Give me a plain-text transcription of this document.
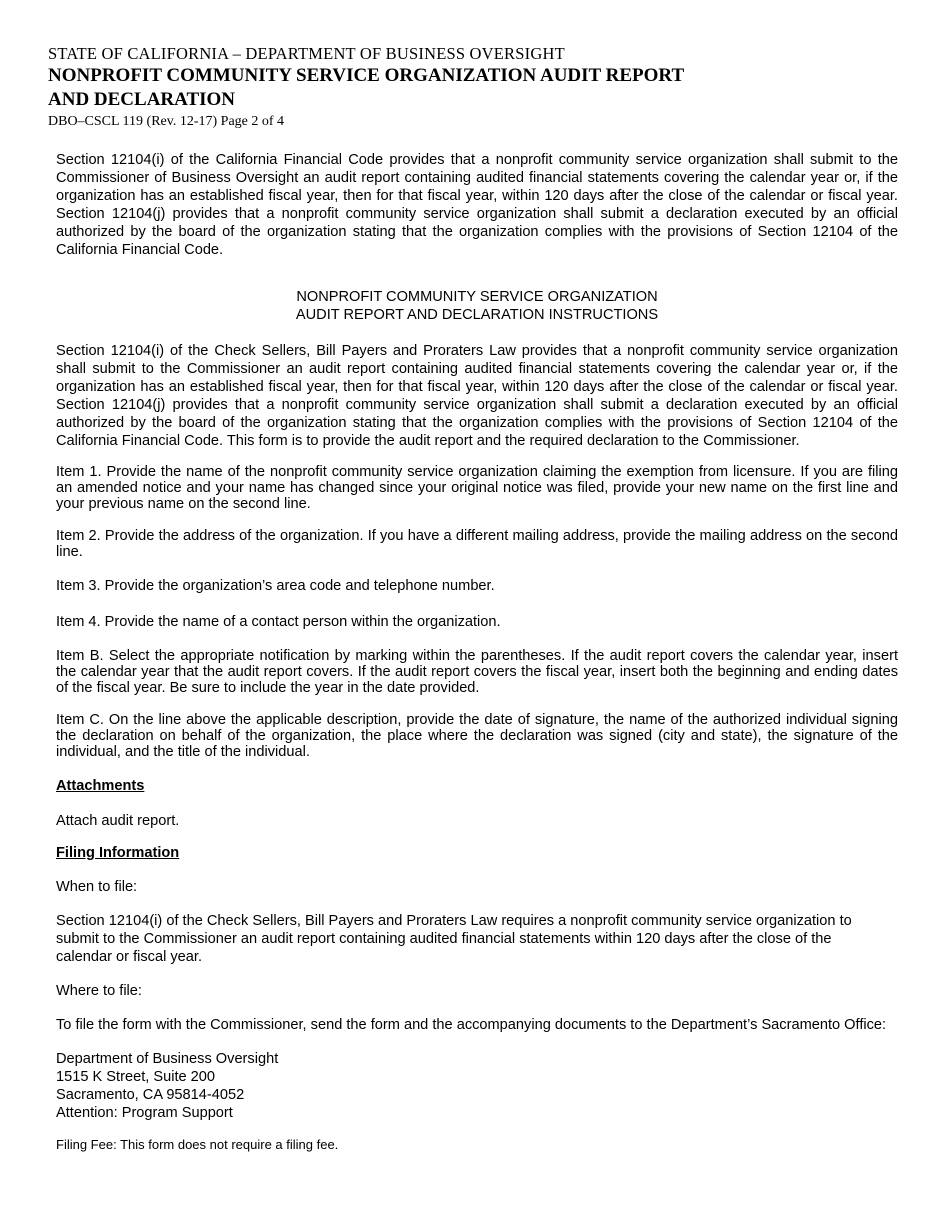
STATE OF CALIFORNIA – DEPARTMENT OF BUSINESS OVERSIGHT
NONPROFIT COMMUNITY SERVICE ORGANIZATION AUDIT REPORT
AND DECLARATION
DBO–CSCL 119 (Rev. 12-17) Page 2 of 4

Section 12104(i) of the California Financial Code provides that a nonprofit community service organization shall submit to the Commissioner of Business Oversight an audit report containing audited financial statements covering the calendar year or, if the organization has an established fiscal year, then for that fiscal year, within 120 days after the close of the calendar or fiscal year. Section 12104(j) provides that a nonprofit community service organization shall submit a declaration executed by an official authorized by the board of the organization stating that the organization complies with the provisions of Section 12104 of the California Financial Code.

NONPROFIT COMMUNITY SERVICE ORGANIZATION
AUDIT REPORT AND DECLARATION INSTRUCTIONS

Section 12104(i) of the Check Sellers, Bill Payers and Proraters Law provides that a nonprofit community service organization shall submit to the Commissioner an audit report containing audited financial statements covering the calendar year or, if the organization has an established fiscal year, then for that fiscal year, within 120 days after the close of the calendar or fiscal year. Section 12104(j) provides that a nonprofit community service organization shall submit a declaration executed by an official authorized by the board of the organization stating that the organization complies with the provisions of Section 12104 of the California Financial Code. This form is to provide the audit report and the required declaration to the Commissioner.

Item 1. Provide the name of the nonprofit community service organization claiming the exemption from licensure. If you are filing an amended notice and your name has changed since your original notice was filed, provide your new name on the first line and your previous name on the second line.

Item 2. Provide the address of the organization. If you have a different mailing address, provide the mailing address on the second line.

Item 3. Provide the organization’s area code and telephone number.

Item 4. Provide the name of a contact person within the organization.

Item B. Select the appropriate notification by marking within the parentheses. If the audit report covers the calendar year, insert the calendar year that the audit report covers. If the audit report covers the fiscal year, insert both the beginning and ending dates of the fiscal year. Be sure to include the year in the date provided.

Item C. On the line above the applicable description, provide the date of signature, the name of the authorized individual signing the declaration on behalf of the organization, the place where the declaration was signed (city and state), the signature of the individual, and the title of the individual.

Attachments

Attach audit report.

Filing Information

When to file:

Section 12104(i) of the Check Sellers, Bill Payers and Proraters Law requires a nonprofit community service organization to submit to the Commissioner an audit report containing audited financial statements within 120 days after the close of the calendar or fiscal year.

Where to file:

To file the form with the Commissioner, send the form and the accompanying documents to the Department’s Sacramento Office:

Department of Business Oversight
1515 K Street, Suite 200
Sacramento, CA 95814-4052
Attention: Program Support

Filing Fee: This form does not require a filing fee.
